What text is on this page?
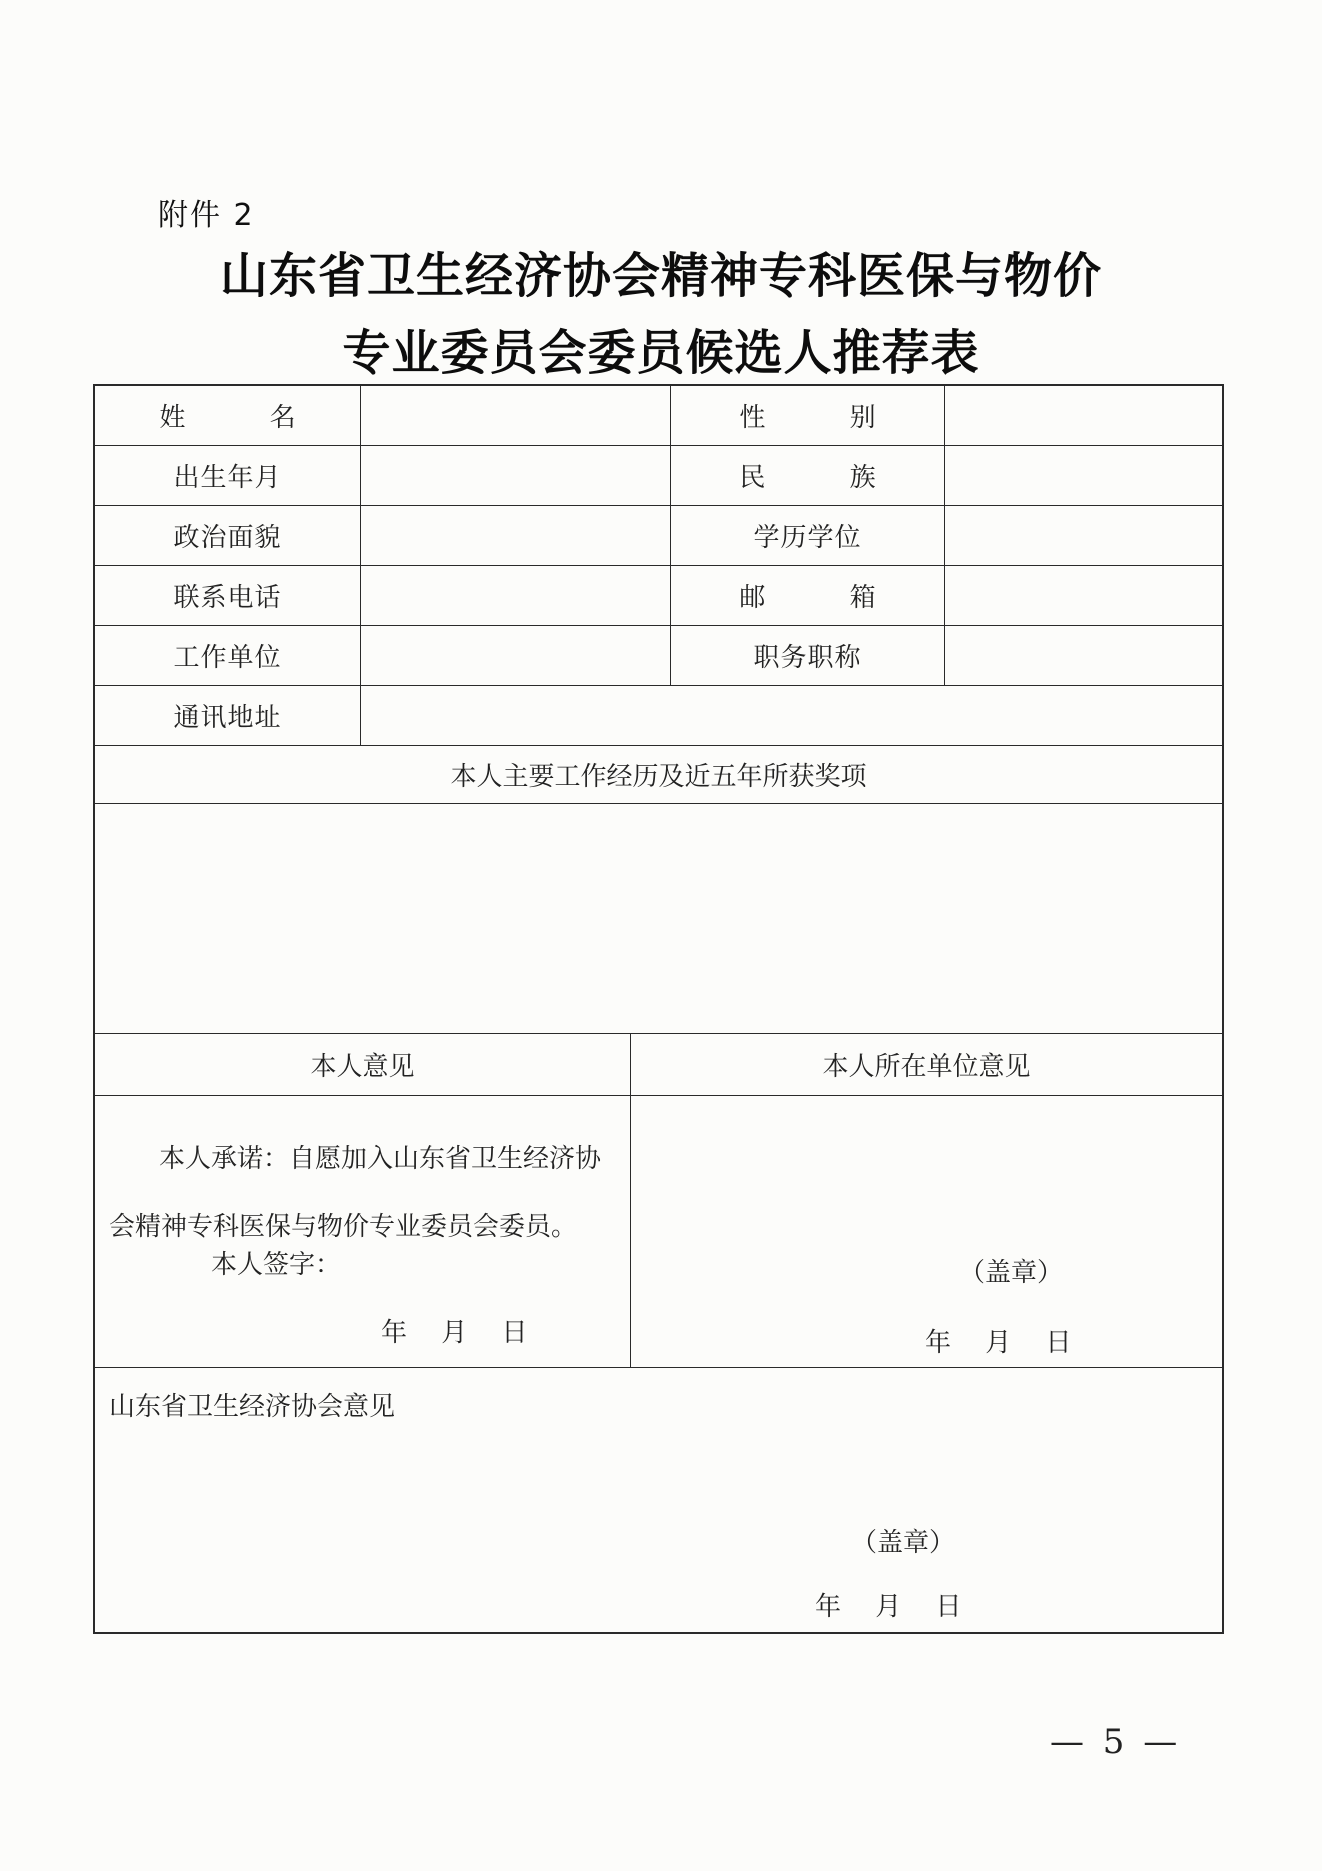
附件 2
山东省卫生经济协会精神专科医保与物价
专业委员会委员候选人推荐表
姓 名	性 别
出生年月	民 族
政治面貌	学历学位
联系电话	邮 箱
工作单位	职务职称
通讯地址
本人主要工作经历及近五年所获奖项
本人意见	本人所在单位意见
本人承诺：自愿加入山东省卫生经济协
会精神专科医保与物价专业委员会委员。
本人签字：
年　 月　 日
（盖章）
年　 月　 日
山东省卫生经济协会意见
（盖章）
年　 月　 日
— 5 —
